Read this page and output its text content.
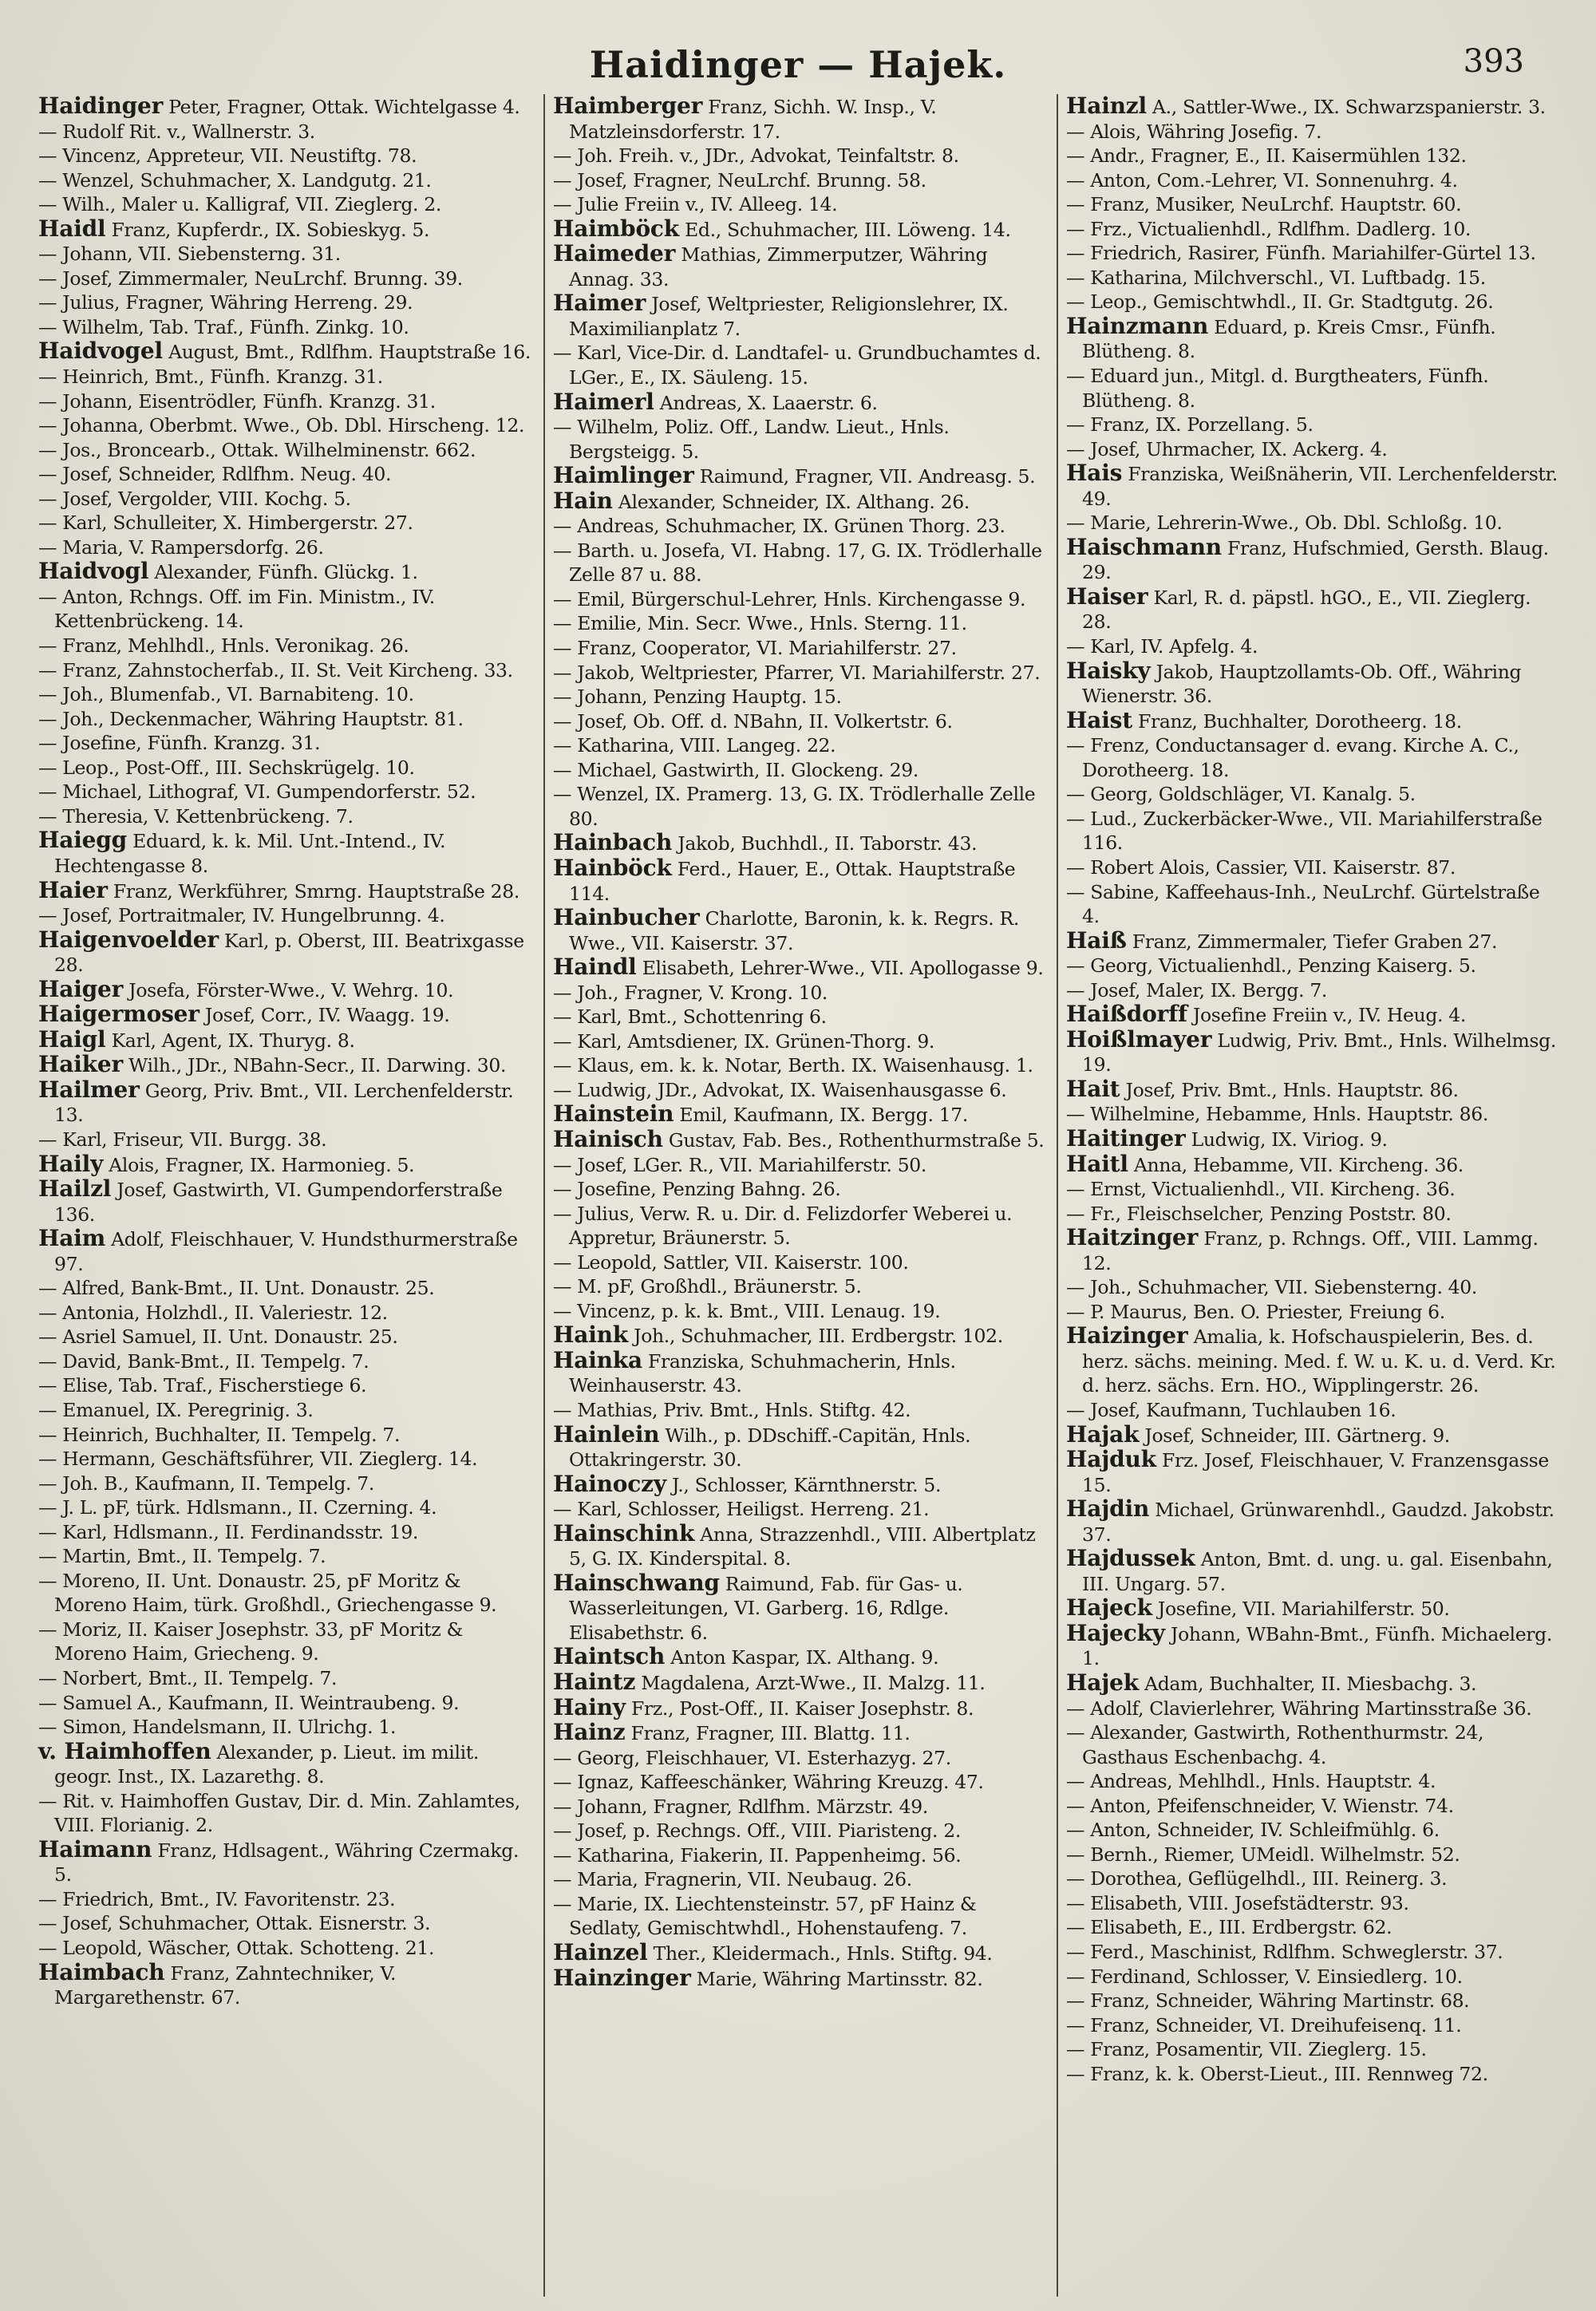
Haidinger — Hajek.	393
Haidinger Peter, Fragner, Ottak. Wichtelgasse 4.
— Rudolf Rit. v., Wallnerstr. 3.
— Vincenz, Appreteur, VII. Neustiftg. 78.
— Wenzel, Schuhmacher, X. Landgutg. 21.
— Wilh., Maler u. Kalligraf, VII. Zieglerg. 2.
Haidl Franz, Kupferdr., IX. Sobieskyg. 5.
— Johann, VII. Siebensterng. 31.
— Josef, Zimmermaler, NeuLrchf. Brunng. 39.
— Julius, Fragner, Währing Herreng. 29.
— Wilhelm, Tab. Traf., Fünfh. Zinkg. 10.
Haidvogel August, Bmt., Rdlfhm. Hauptstraße 16.
— Heinrich, Bmt., Fünfh. Kranzg. 31.
— Johann, Eisentrödler, Fünfh. Kranzg. 31.
— Johanna, Oberbmt. Wwe., Ob. Dbl. Hirscheng. 12.
— Jos., Broncearb., Ottak. Wilhelminenstr. 662.
— Josef, Schneider, Rdlfhm. Neug. 40.
— Josef, Vergolder, VIII. Kochg. 5.
— Karl, Schulleiter, X. Himbergerstr. 27.
— Maria, V. Rampersdorfg. 26.
Haidvogl Alexander, Fünfh. Glückg. 1.
— Anton, Rchngs. Off. im Fin. Ministm., IV. Kettenbrückeng. 14.
— Franz, Mehlhdl., Hnls. Veronikag. 26.
— Franz, Zahnstocherfab., II. St. Veit Kircheng. 33.
— Joh., Blumenfab., VI. Barnabiteng. 10.
— Joh., Deckenmacher, Währing Hauptstr. 81.
— Josefine, Fünfh. Kranzg. 31.
— Leop., Post-Off., III. Sechskrügelg. 10.
— Michael, Lithograf, VI. Gumpendorferstr. 52.
— Theresia, V. Kettenbrückeng. 7.
Haiegg Eduard, k. k. Mil. Unt.-Intend., IV. Hechtengasse 8.
Haier Franz, Werkführer, Smrng. Hauptstraße 28.
— Josef, Portraitmaler, IV. Hungelbrunng. 4.
Haigenvoelder Karl, p. Oberst, III. Beatrixgasse 28.
Haiger Josefa, Förster-Wwe., V. Wehrg. 10.
Haigermoser Josef, Corr., IV. Waagg. 19.
Haigl Karl, Agent, IX. Thuryg. 8.
Haiker Wilh., JDr., NBahn-Secr., II. Darwing. 30.
Hailmer Georg, Priv. Bmt., VII. Lerchenfelderstr. 13.
— Karl, Friseur, VII. Burgg. 38.
Haily Alois, Fragner, IX. Harmonieg. 5.
Hailzl Josef, Gastwirth, VI. Gumpendorferstraße 136.
Haim Adolf, Fleischhauer, V. Hundsthurmerstraße 97.
— Alfred, Bank-Bmt., II. Unt. Donaustr. 25.
— Antonia, Holzhdl., II. Valeriestr. 12.
— Asriel Samuel, II. Unt. Donaustr. 25.
— David, Bank-Bmt., II. Tempelg. 7.
— Elise, Tab. Traf., Fischerstiege 6.
— Emanuel, IX. Peregrinig. 3.
— Heinrich, Buchhalter, II. Tempelg. 7.
— Hermann, Geschäftsführer, VII. Zieglerg. 14.
— Joh. B., Kaufmann, II. Tempelg. 7.
— J. L. pF, türk. Hdlsmann., II. Czerning. 4.
— Karl, Hdlsmann., II. Ferdinandsstr. 19.
— Martin, Bmt., II. Tempelg. 7.
— Moreno, II. Unt. Donaustr. 25, pF Moritz & Moreno Haim, türk. Großhdl., Griechengasse 9.
— Moriz, II. Kaiser Josephstr. 33, pF Moritz & Moreno Haim, Griecheng. 9.
— Norbert, Bmt., II. Tempelg. 7.
— Samuel A., Kaufmann, II. Weintraubeng. 9.
— Simon, Handelsmann, II. Ulrichg. 1.
v. Haimhoffen Alexander, p. Lieut. im milit. geogr. Inst., IX. Lazarethg. 8.
— Rit. v. Haimhoffen Gustav, Dir. d. Min. Zahlamtes, VIII. Florianig. 2.
Haimann Franz, Hdlsagent., Währing Czermakg. 5.
— Friedrich, Bmt., IV. Favoritenstr. 23.
— Josef, Schuhmacher, Ottak. Eisnerstr. 3.
— Leopold, Wäscher, Ottak. Schotteng. 21.
Haimbach Franz, Zahntechniker, V. Margarethenstr. 67.
Haimberger Franz, Sichh. W. Insp., V. Matzleinsdorferstr. 17.
— Joh. Freih. v., JDr., Advokat, Teinfaltstr. 8.
— Josef, Fragner, NeuLrchf. Brunng. 58.
— Julie Freiin v., IV. Alleeg. 14.
Haimböck Ed., Schuhmacher, III. Löweng. 14.
Haimeder Mathias, Zimmerputzer, Währing Annag. 33.
Haimer Josef, Weltpriester, Religionslehrer, IX. Maximilianplatz 7.
— Karl, Vice-Dir. d. Landtafel- u. Grundbuchamtes d. LGer., E., IX. Säuleng. 15.
Haimerl Andreas, X. Laaerstr. 6.
— Wilhelm, Poliz. Off., Landw. Lieut., Hnls. Bergsteigg. 5.
Haimlinger Raimund, Fragner, VII. Andreasg. 5.
Hain Alexander, Schneider, IX. Althang. 26.
— Andreas, Schuhmacher, IX. Grünen Thorg. 23.
— Barth. u. Josefa, VI. Habng. 17, G. IX. Trödlerhalle Zelle 87 u. 88.
— Emil, Bürgerschul-Lehrer, Hnls. Kirchengasse 9.
— Emilie, Min. Secr. Wwe., Hnls. Sterng. 11.
— Franz, Cooperator, VI. Mariahilferstr. 27.
— Jakob, Weltpriester, Pfarrer, VI. Mariahilferstr. 27.
— Johann, Penzing Hauptg. 15.
— Josef, Ob. Off. d. NBahn, II. Volkertstr. 6.
— Katharina, VIII. Langeg. 22.
— Michael, Gastwirth, II. Glockeng. 29.
— Wenzel, IX. Pramerg. 13, G. IX. Trödlerhalle Zelle 80.
Hainbach Jakob, Buchhdl., II. Taborstr. 43.
Hainböck Ferd., Hauer, E., Ottak. Hauptstraße 114.
Hainbucher Charlotte, Baronin, k. k. Regrs. R. Wwe., VII. Kaiserstr. 37.
Haindl Elisabeth, Lehrer-Wwe., VII. Apollogasse 9.
— Joh., Fragner, V. Krong. 10.
— Karl, Bmt., Schottenring 6.
— Karl, Amtsdiener, IX. Grünen-Thorg. 9.
— Klaus, em. k. k. Notar, Berth. IX. Waisenhausg. 1.
— Ludwig, JDr., Advokat, IX. Waisenhausgasse 6.
Hainstein Emil, Kaufmann, IX. Bergg. 17.
Hainisch Gustav, Fab. Bes., Rothenthurmstraße 5.
— Josef, LGer. R., VII. Mariahilferstr. 50.
— Josefine, Penzing Bahng. 26.
— Julius, Verw. R. u. Dir. d. Felizdorfer Weberei u. Appretur, Bräunerstr. 5.
— Leopold, Sattler, VII. Kaiserstr. 100.
— M. pF, Großhdl., Bräunerstr. 5.
— Vincenz, p. k. k. Bmt., VIII. Lenaug. 19.
Haink Joh., Schuhmacher, III. Erdbergstr. 102.
Hainka Franziska, Schuhmacherin, Hnls. Weinhauserstr. 43.
— Mathias, Priv. Bmt., Hnls. Stiftg. 42.
Hainlein Wilh., p. DDschiff.-Capitän, Hnls. Ottakringerstr. 30.
Hainoczy J., Schlosser, Kärnthnerstr. 5.
— Karl, Schlosser, Heiligst. Herreng. 21.
Hainschink Anna, Strazzenhdl., VIII. Albertplatz 5, G. IX. Kinderspital. 8.
Hainschwang Raimund, Fab. für Gas- u. Wasserleitungen, VI. Garberg. 16, Rdlge. Elisabethstr. 6.
Haintsch Anton Kaspar, IX. Althang. 9.
Haintz Magdalena, Arzt-Wwe., II. Malzg. 11.
Hainy Frz., Post-Off., II. Kaiser Josephstr. 8.
Hainz Franz, Fragner, III. Blattg. 11.
— Georg, Fleischhauer, VI. Esterhazyg. 27.
— Ignaz, Kaffeeschänker, Währing Kreuzg. 47.
— Johann, Fragner, Rdlfhm. Märzstr. 49.
— Josef, p. Rechngs. Off., VIII. Piaristeng. 2.
— Katharina, Fiakerin, II. Pappenheimg. 56.
— Maria, Fragnerin, VII. Neubaug. 26.
— Marie, IX. Liechtensteinstr. 57, pF Hainz & Sedlaty, Gemischtwhdl., Hohenstaufeng. 7.
Hainzel Ther., Kleidermach., Hnls. Stiftg. 94.
Hainzinger Marie, Währing Martinsstr. 82.
Hainzl A., Sattler-Wwe., IX. Schwarzspanierstr. 3.
— Alois, Währing Josefig. 7.
— Andr., Fragner, E., II. Kaisermühlen 132.
— Anton, Com.-Lehrer, VI. Sonnenuhrg. 4.
— Franz, Musiker, NeuLrchf. Hauptstr. 60.
— Frz., Victualienhdl., Rdlfhm. Dadlerg. 10.
— Friedrich, Rasirer, Fünfh. Mariahilfer-Gürtel 13.
— Katharina, Milchverschl., VI. Luftbadg. 15.
— Leop., Gemischtwhdl., II. Gr. Stadtgutg. 26.
Hainzmann Eduard, p. Kreis Cmsr., Fünfh. Blütheng. 8.
— Eduard jun., Mitgl. d. Burgtheaters, Fünfh. Blütheng. 8.
— Franz, IX. Porzellang. 5.
— Josef, Uhrmacher, IX. Ackerg. 4.
Hais Franziska, Weißnäherin, VII. Lerchenfelderstr. 49.
— Marie, Lehrerin-Wwe., Ob. Dbl. Schloßg. 10.
Haischmann Franz, Hufschmied, Gersth. Blaug. 29.
Haiser Karl, R. d. päpstl. hGO., E., VII. Zieglerg. 28.
— Karl, IV. Apfelg. 4.
Haisky Jakob, Hauptzollamts-Ob. Off., Währing Wienerstr. 36.
Haist Franz, Buchhalter, Dorotheerg. 18.
— Frenz, Conductansager d. evang. Kirche A. C., Dorotheerg. 18.
— Georg, Goldschläger, VI. Kanalg. 5.
— Lud., Zuckerbäcker-Wwe., VII. Mariahilferstraße 116.
— Robert Alois, Cassier, VII. Kaiserstr. 87.
— Sabine, Kaffeehaus-Inh., NeuLrchf. Gürtelstraße 4.
Haiß Franz, Zimmermaler, Tiefer Graben 27.
— Georg, Victualienhdl., Penzing Kaiserg. 5.
— Josef, Maler, IX. Bergg. 7.
Haißdorff Josefine Freiin v., IV. Heug. 4.
Hoißlmayer Ludwig, Priv. Bmt., Hnls. Wilhelmsg. 19.
Hait Josef, Priv. Bmt., Hnls. Hauptstr. 86.
— Wilhelmine, Hebamme, Hnls. Hauptstr. 86.
Haitinger Ludwig, IX. Viriog. 9.
Haitl Anna, Hebamme, VII. Kircheng. 36.
— Ernst, Victualienhdl., VII. Kircheng. 36.
— Fr., Fleischselcher, Penzing Poststr. 80.
Haitzinger Franz, p. Rchngs. Off., VIII. Lammg. 12.
— Joh., Schuhmacher, VII. Siebensterng. 40.
— P. Maurus, Ben. O. Priester, Freiung 6.
Haizinger Amalia, k. Hofschauspielerin, Bes. d. herz. sächs. meining. Med. f. W. u. K. u. d. Verd. Kr. d. herz. sächs. Ern. HO., Wipplingerstr. 26.
— Josef, Kaufmann, Tuchlauben 16.
Hajak Josef, Schneider, III. Gärtnerg. 9.
Hajduk Frz. Josef, Fleischhauer, V. Franzensgasse 15.
Hajdin Michael, Grünwarenhdl., Gaudzd. Jakobstr. 37.
Hajdussek Anton, Bmt. d. ung. u. gal. Eisenbahn, III. Ungarg. 57.
Hajeck Josefine, VII. Mariahilferstr. 50.
Hajecky Johann, WBahn-Bmt., Fünfh. Michaelerg. 1.
Hajek Adam, Buchhalter, II. Miesbachg. 3.
— Adolf, Clavierlehrer, Währing Martinsstraße 36.
— Alexander, Gastwirth, Rothenthurmstr. 24, Gasthaus Eschenbachg. 4.
— Andreas, Mehlhdl., Hnls. Hauptstr. 4.
— Anton, Pfeifenschneider, V. Wienstr. 74.
— Anton, Schneider, IV. Schleifmühlg. 6.
— Bernh., Riemer, UMeidl. Wilhelmstr. 52.
— Dorothea, Geflügelhdl., III. Reinerg. 3.
— Elisabeth, VIII. Josefstädterstr. 93.
— Elisabeth, E., III. Erdbergstr. 62.
— Ferd., Maschinist, Rdlfhm. Schweglerstr. 37.
— Ferdinand, Schlosser, V. Einsiedlerg. 10.
— Franz, Schneider, Währing Martinstr. 68.
— Franz, Schneider, VI. Dreihufeisenq. 11.
— Franz, Posamentir, VII. Zieglerg. 15.
— Franz, k. k. Oberst-Lieut., III. Rennweg 72.
